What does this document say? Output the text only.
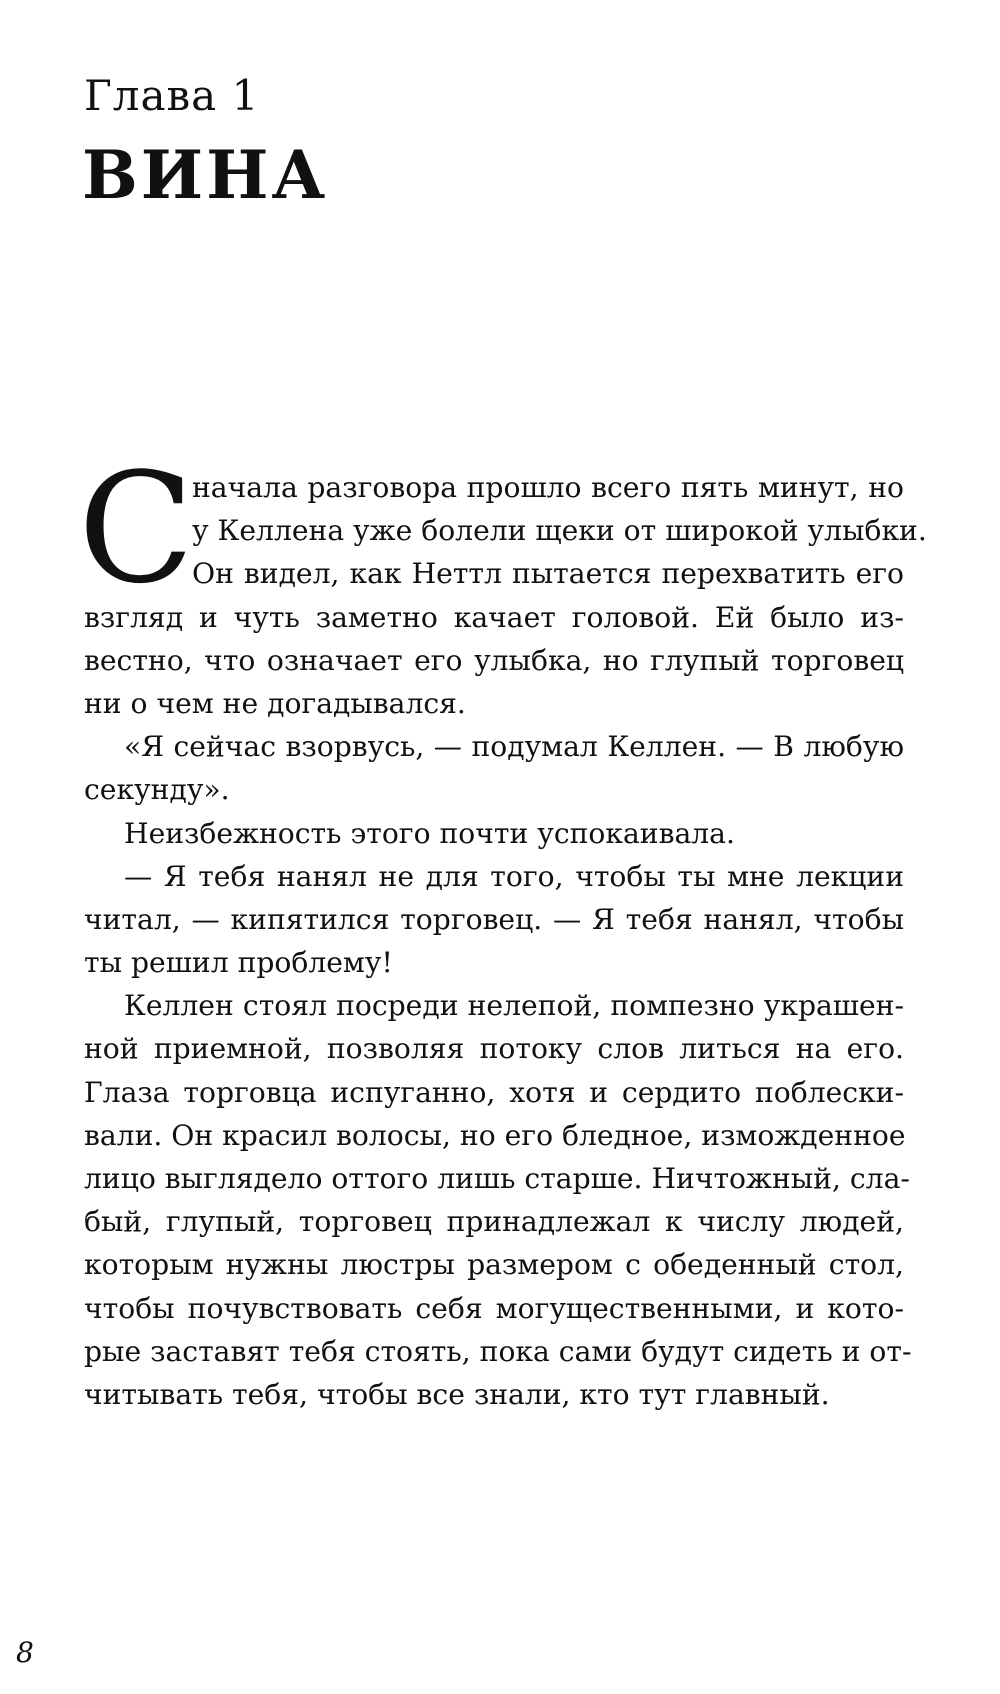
Глава 1
ВИНА
С
начала разговора прошло всего пять минут, но
у Келлена уже болели щеки от широкой улыбки.
Он видел, как Неттл пытается перехватить его
взгляд и чуть заметно качает головой. Ей было из-
вестно, что означает его улыбка, но глупый торговец
ни о чем не догадывался.
«Я сейчас взорвусь, — подумал Келлен. — В любую
секунду».
Неизбежность этого почти успокаивала.
— Я тебя нанял не для того, чтобы ты мне лекции
читал, — кипятился торговец. — Я тебя нанял, чтобы
ты решил проблему!
Келлен стоял посреди нелепой, помпезно украшен-
ной приемной, позволяя потоку слов литься на его.
Глаза торговца испуганно, хотя и сердито поблески-
вали. Он красил волосы, но его бледное, изможденное
лицо выглядело оттого лишь старше. Ничтожный, сла-
бый, глупый, торговец принадлежал к числу людей,
которым нужны люстры размером с обеденный стол,
чтобы почувствовать себя могущественными, и кото-
рые заставят тебя стоять, пока сами будут сидеть и от-
читывать тебя, чтобы все знали, кто тут главный.
8
